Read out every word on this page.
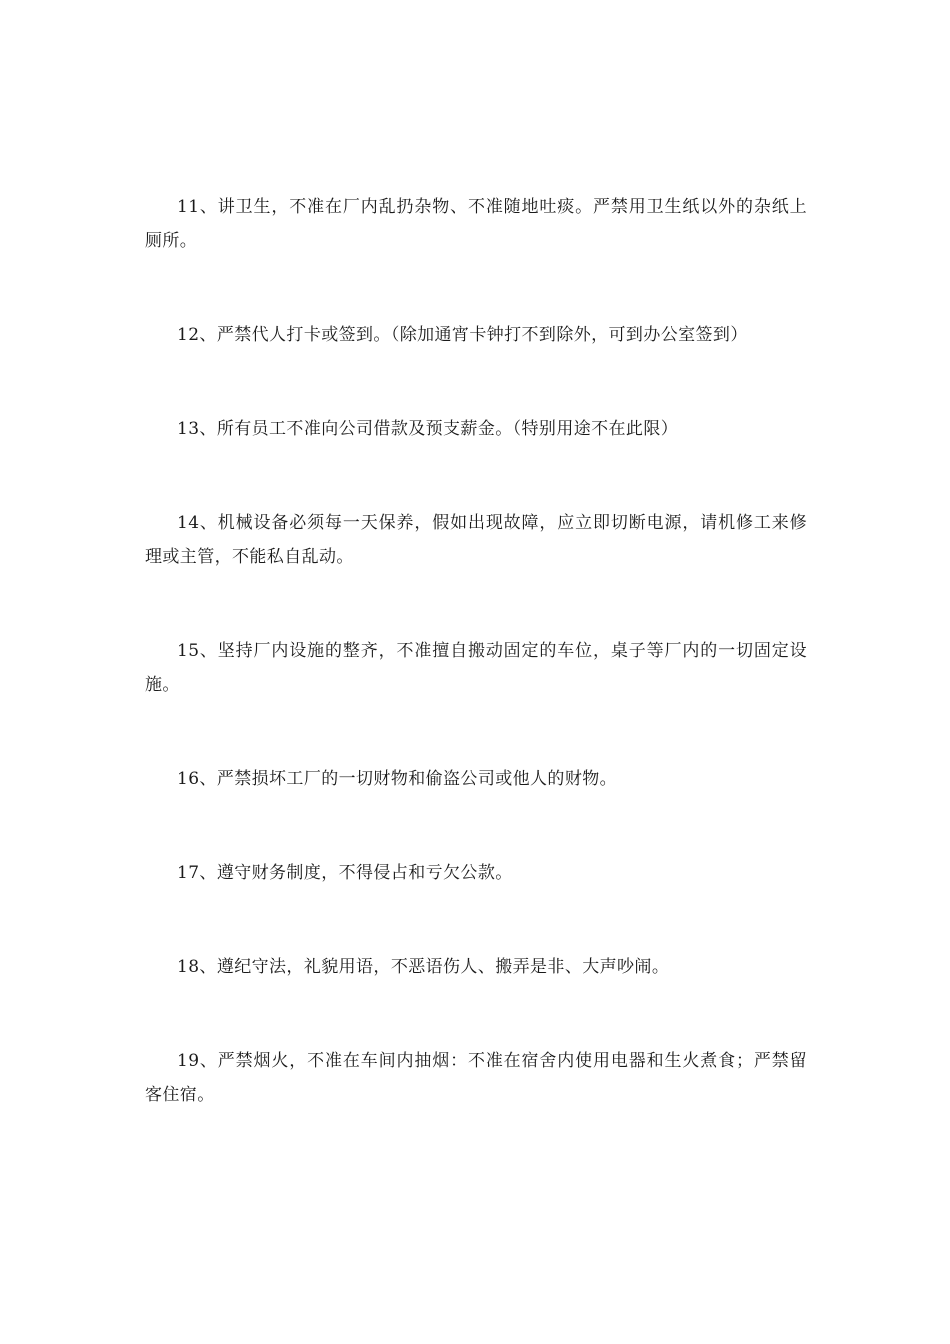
11、讲卫生，不准在厂内乱扔杂物、不准随地吐痰。严禁用卫生纸以外的杂纸上厕所。

12、严禁代人打卡或签到。（除加通宵卡钟打不到除外，可到办公室签到）

13、所有员工不准向公司借款及预支薪金。（特别用途不在此限）

14、机械设备必须每一天保养，假如出现故障，应立即切断电源，请机修工来修理或主管，不能私自乱动。

15、坚持厂内设施的整齐，不准擅自搬动固定的车位，桌子等厂内的一切固定设施。

16、严禁损坏工厂的一切财物和偷盗公司或他人的财物。

17、遵守财务制度，不得侵占和亏欠公款。

18、遵纪守法，礼貌用语，不恶语伤人、搬弄是非、大声吵闹。

19、严禁烟火，不准在车间内抽烟：不准在宿舍内使用电器和生火煮食；严禁留客住宿。
